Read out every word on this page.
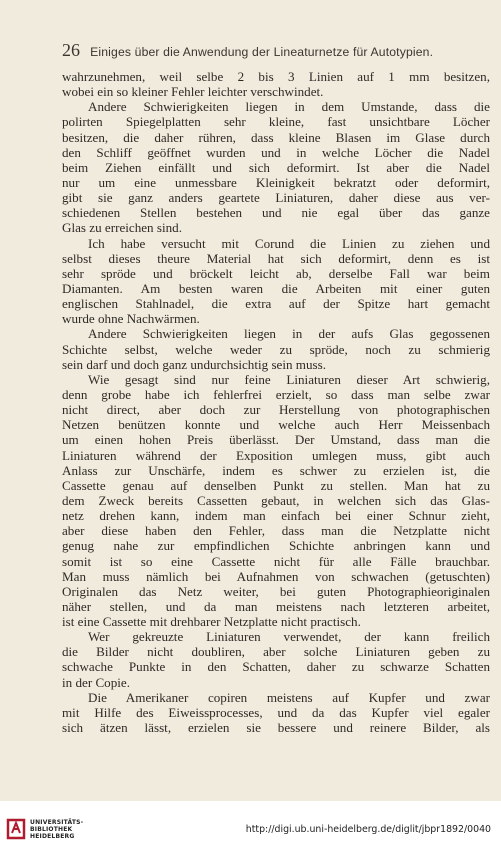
26 Einiges über die Anwendung der Lineaturnetze für Autotypien.
wahrzunehmen, weil selbe 2 bis 3 Linien auf 1 mm besitzen,
wobei ein so kleiner Fehler leichter verschwindet.
Andere Schwierigkeiten liegen in dem Umstande, dass die
polirten Spiegelplatten sehr kleine, fast unsichtbare Löcher
besitzen, die daher rühren, dass kleine Blasen im Glase durch
den Schliff geöffnet wurden und in welche Löcher die Nadel
beim Ziehen einfällt und sich deformirt. Ist aber die Nadel
nur um eine unmessbare Kleinigkeit bekratzt oder deformirt,
gibt sie ganz anders geartete Liniaturen, daher diese aus ver-
schiedenen Stellen bestehen und nie egal über das ganze
Glas zu erreichen sind.
Ich habe versucht mit Corund die Linien zu ziehen und
selbst dieses theure Material hat sich deformirt, denn es ist
sehr spröde und bröckelt leicht ab, derselbe Fall war beim
Diamanten. Am besten waren die Arbeiten mit einer guten
englischen Stahlnadel, die extra auf der Spitze hart gemacht
wurde ohne Nachwärmen.
Andere Schwierigkeiten liegen in der aufs Glas gegossenen
Schichte selbst, welche weder zu spröde, noch zu schmierig
sein darf und doch ganz undurchsichtig sein muss.
Wie gesagt sind nur feine Liniaturen dieser Art schwierig,
denn grobe habe ich fehlerfrei erzielt, so dass man selbe zwar
nicht direct, aber doch zur Herstellung von photographischen
Netzen benützen konnte und welche auch Herr Meissenbach
um einen hohen Preis überlässt. Der Umstand, dass man die
Liniaturen während der Exposition umlegen muss, gibt auch
Anlass zur Unschärfe, indem es schwer zu erzielen ist, die
Cassette genau auf denselben Punkt zu stellen. Man hat zu
dem Zweck bereits Cassetten gebaut, in welchen sich das Glas-
netz drehen kann, indem man einfach bei einer Schnur zieht,
aber diese haben den Fehler, dass man die Netzplatte nicht
genug nahe zur empfindlichen Schichte anbringen kann und
somit ist so eine Cassette nicht für alle Fälle brauchbar.
Man muss nämlich bei Aufnahmen von schwachen (getuschten)
Originalen das Netz weiter, bei guten Photographieoriginalen
näher stellen, und da man meistens nach letzteren arbeitet,
ist eine Cassette mit drehbarer Netzplatte nicht practisch.
Wer gekreuzte Liniaturen verwendet, der kann freilich
die Bilder nicht doubliren, aber solche Liniaturen geben zu
schwache Punkte in den Schatten, daher zu schwarze Schatten
in der Copie.
Die Amerikaner copiren meistens auf Kupfer und zwar
mit Hilfe des Eiweissprocesses, und da das Kupfer viel egaler
sich ätzen lässt, erzielen sie bessere und reinere Bilder, als
UNIVERSITÄTS-
BIBLIOTHEK
HEIDELBERG
http://digi.ub.uni-heidelberg.de/diglit/jbpr1892/0040
